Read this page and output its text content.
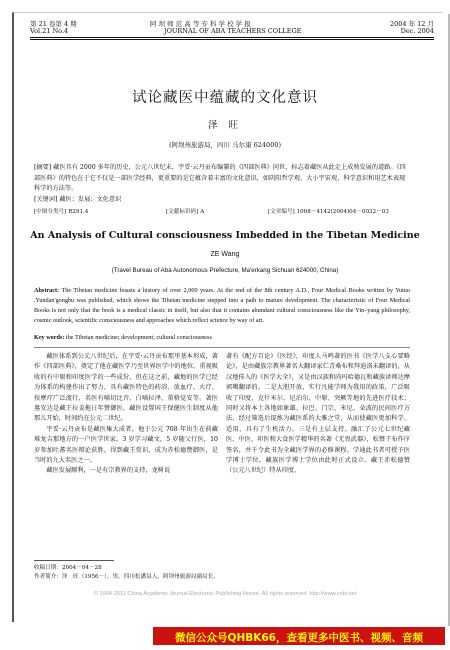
第 21 卷第 4 期	阿 坝 师 范 高 等 专 科 学 校 学 报	2004 年 12 月
Vol.21 No.4	JOURNAL OF ABA TEACHERS COLLEGE	Dec. 2004
试论藏医中蕴藏的文化意识
泽 旺
(阿坝州旅游局，四川 马尔康 624000)
[摘要] 藏医具有 2000 多年的历史，公元八世纪末，宇妥·云丹贡布编纂的《四部医典》问世，标志着藏医从此走上成熟发展的道路。《四部医典》的特色在于它不仅是一部医学经典，更重要的是它蕴含着丰富的文化意识，如阴阳哲学观、大小宇宙观、科学意识和用艺术表现科学的方法等。
[关键词] 藏医；发展；文化意识
[中图分类号] R291.4	[文献标识码] A	[文章编号] 1008－4142(2004)04－0032－03
An Analysis of Cultural consciousness Imbedded in the Tibetan Medicine
ZE Wang
(Travel Bureau of Aba Autonomous Prefecture, Ma'erkang Sichuan 624000, China)
Abstract: The Tibetan medicine boasts a history of over 2,000 years. At the end of the 8th century A.D., Four Medical Books written by Yutuo .Yundan'gongbu was published, which shows the Tibetan medicine stepped into a path to mature development. The characteristic of Four Medical Books is not only that the book is a medical classic in itself, but also that it contains abundant cultural consciousness like the Yin–yang philosophy, cosmic outlook, scientific consciousness and approaches which reflect science by way of art.
Key words: the Tibetan medicine; development; cultural consciousness

藏医体系到公元八世纪后，在宇妥·云丹贡布那里基本形成，著作《四部医典》，奠定了他在藏医学乃至世界医学中的地位。重视吸收的有中原和印度医学的一些成份，但在这之前，藏地的医学已经为体系的构建作出了努力，具有藏医特色的药浴、放血疗、火疗、按摩疗广泛流行，名医有嘀切比卉、白嘀拉泽、董格觉安等。著医墓安达是藏王拉姜拖日年赞御医，藏医设置国王保健医生制度从他那儿开始，时间约在公元二世纪。

宇妥·云丹贡布是藏医集大成者，他于公元 708 年出生在前藏堆龙吉那地方的一户医学世家。3 岁学习藏文，5 岁随父行医，10 岁参加吐蕃名医辩论获胜，得到藏王赏识，成为赤松德赞御医，是当时的九大名医之一。

藏医发展顺利，一是有宗教界的支持，龙树说

著有《配方百论》《医经》，印度人马鸣著的医书《医学八支心要略论》，是由藏族宗教界著名大翻译家仁青桑布和拜迪洛未翻译的，从汉地传入的《医学大全》，又是由汉族和尚玛哈德瓦和藏族译师达摩郭噶翻译的。二是大胆开放，实行凡能学师为我用的政策，广泛吸收了印度、克什米尔、尼泊尔、中原、突厥等地的先进医疗技术；同时又将本土各地如象雄、拉巴、门宗、米尼、朵波的民间医疗方法、经过筛选后提炼为藏医系的大雅之堂，从而使藏医更加科学、适用，具有了生机活力。三是有上层支持。融汇了公元七世纪藏医、中医、印医和大食医学精华的名著《无畏武器》，松赞干布作序签名，并千令此书为全藏医学界的必修课程。学通此书者可授予医学博士学位，藏族医学博士学位由此时正式设立。藏王赤松德赞（公元八世纪）特从印度、

收稿日期：2004－04－28
作者简介：泽　旺（1956－），男，四川松潘县人，阿坝州旅游局副局长。
© 1994-2011 China Academic Journal Electronic Publishing House. All rights reserved. http://www.cnki.net
微信公众号QHBK66，查看更多中医书、视频、音频
